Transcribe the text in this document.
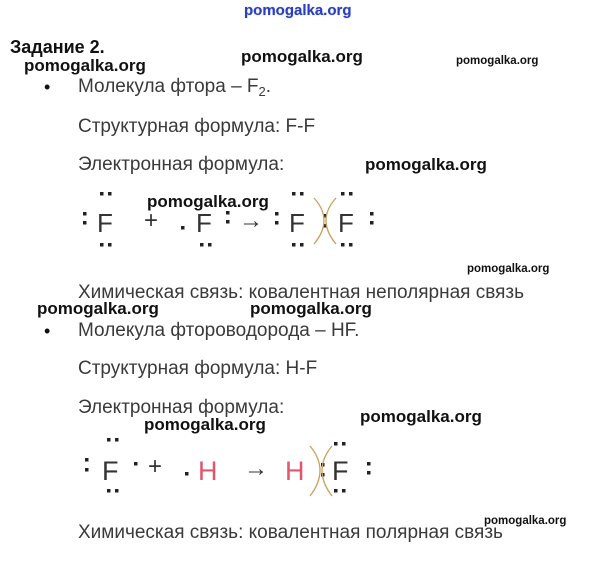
pomogalka.org
pomogalka.org	pomogalka.org	pomogalka.org
pomogalka.org
pomogalka.org
pomogalka.org
pomogalka.org	pomogalka.org
pomogalka.org
pomogalka.org
pomogalka.org
Задание 2.
• Молекула фтора – $F_2$.
Структурная формула: F-F
Электронная формула:
F + F → F F
Химическая связь: ковалентная неполярная связь
• Молекула фтороводорода – HF.
Структурная формула: H-F
Электронная формула:
F + H → H F
Химическая связь: ковалентная полярная связь
